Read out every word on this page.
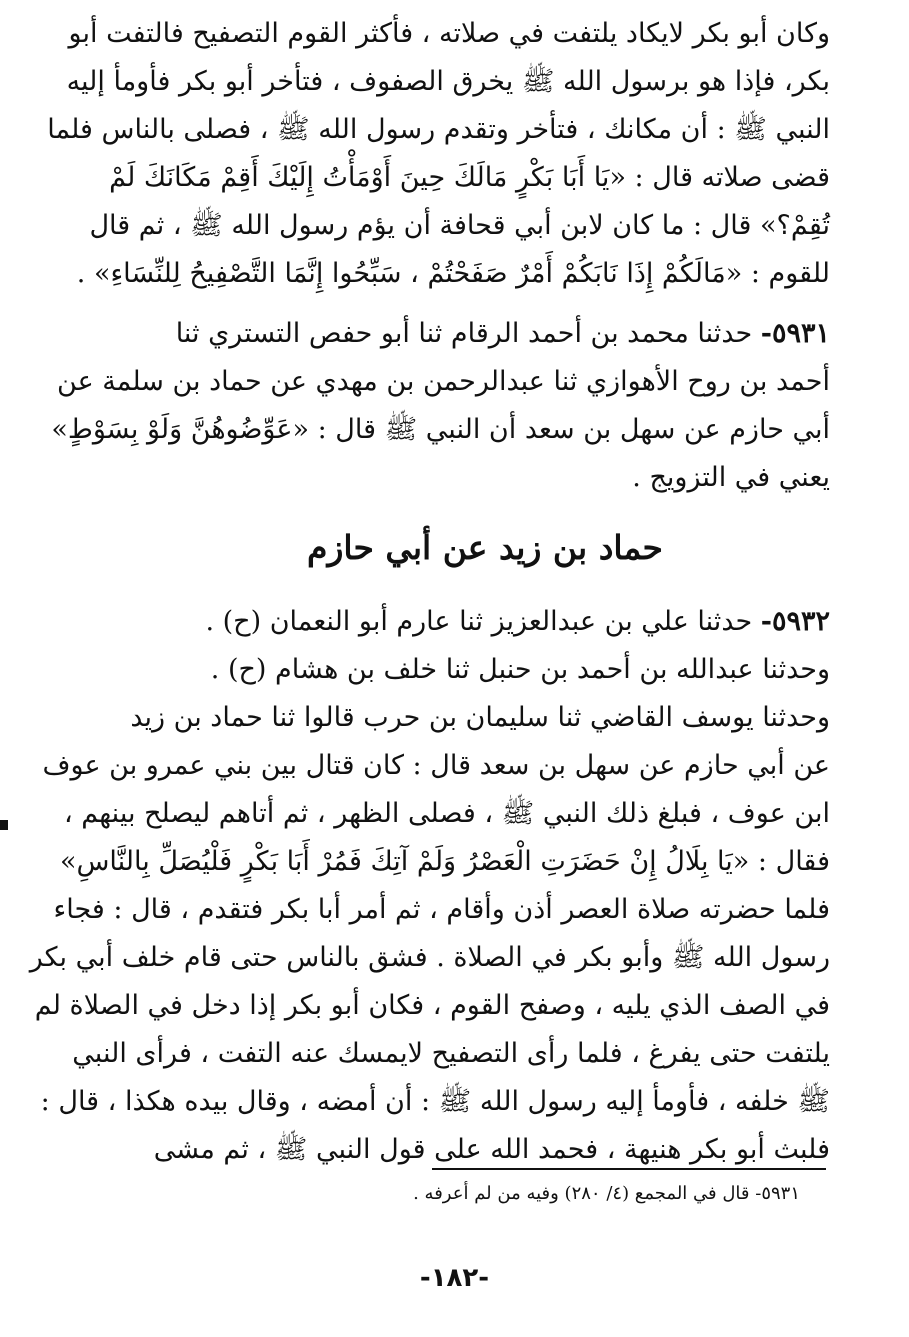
وكان أبو بكر لايكاد يلتفت في صلاته ، فأكثر القوم التصفيح فالتفت أبو
بكر، فإذا هو برسول الله ﷺ يخرق الصفوف ، فتأخر أبو بكر فأومأ إليه
النبي ﷺ : أن مكانك ، فتأخر وتقدم رسول الله ﷺ ، فصلى بالناس فلما
قضى صلاته قال : «يَا أَبَا بَكْرٍ مَالَكَ حِينَ أَوْمَأْتُ إِلَيْكَ أَقِمْ مَكَانَكَ لَمْ
تُقِمْ؟» قال : ما كان لابن أبي قحافة أن يؤم رسول الله ﷺ ، ثم قال
للقوم : «مَالَكُمْ إِذَا نَابَكُمْ أَمْرٌ صَفَحْتُمْ ، سَبِّحُوا إِنَّمَا التَّصْفِيحُ لِلنِّسَاءِ» .
٥٩٣١- حدثنا محمد بن أحمد الرقام ثنا أبو حفص التستري ثنا
أحمد بن روح الأهوازي ثنا عبدالرحمن بن مهدي عن حماد بن سلمة عن
أبي حازم عن سهل بن سعد أن النبي ﷺ قال : «عَوِّضُوهُنَّ وَلَوْ بِسَوْطٍ»
يعني في التزويج .
حماد بن زيد عن أبي حازم
٥٩٣٢- حدثنا علي بن عبدالعزيز ثنا عارم أبو النعمان (ح) .
وحدثنا عبدالله بن أحمد بن حنبل ثنا خلف بن هشام (ح) .
وحدثنا يوسف القاضي ثنا سليمان بن حرب قالوا ثنا حماد بن زيد
عن أبي حازم عن سهل بن سعد قال : كان قتال بين بني عمرو بن عوف
ابن عوف ، فبلغ ذلك النبي ﷺ ، فصلى الظهر ، ثم أتاهم ليصلح بينهم ،
فقال : «يَا بِلَالُ إِنْ حَضَرَتِ الْعَصْرُ وَلَمْ آتِكَ فَمُرْ أَبَا بَكْرٍ فَلْيُصَلِّ بِالنَّاسِ»
فلما حضرته صلاة العصر أذن وأقام ، ثم أمر أبا بكر فتقدم ، قال : فجاء
رسول الله ﷺ وأبو بكر في الصلاة . فشق بالناس حتى قام خلف أبي بكر
في الصف الذي يليه ، وصفح القوم ، فكان أبو بكر إذا دخل في الصلاة لم
يلتفت حتى يفرغ ، فلما رأى التصفيح لايمسك عنه التفت ، فرأى النبي
ﷺ خلفه ، فأومأ إليه رسول الله ﷺ : أن أمضه ، وقال بيده هكذا ، قال :
فلبث أبو بكر هنيهة ، فحمد الله على قول النبي ﷺ ، ثم مشى
٥٩٣١- قال في المجمع (٤/ ٢٨٠) وفيه من لم أعرفه .
-١٨٢-
